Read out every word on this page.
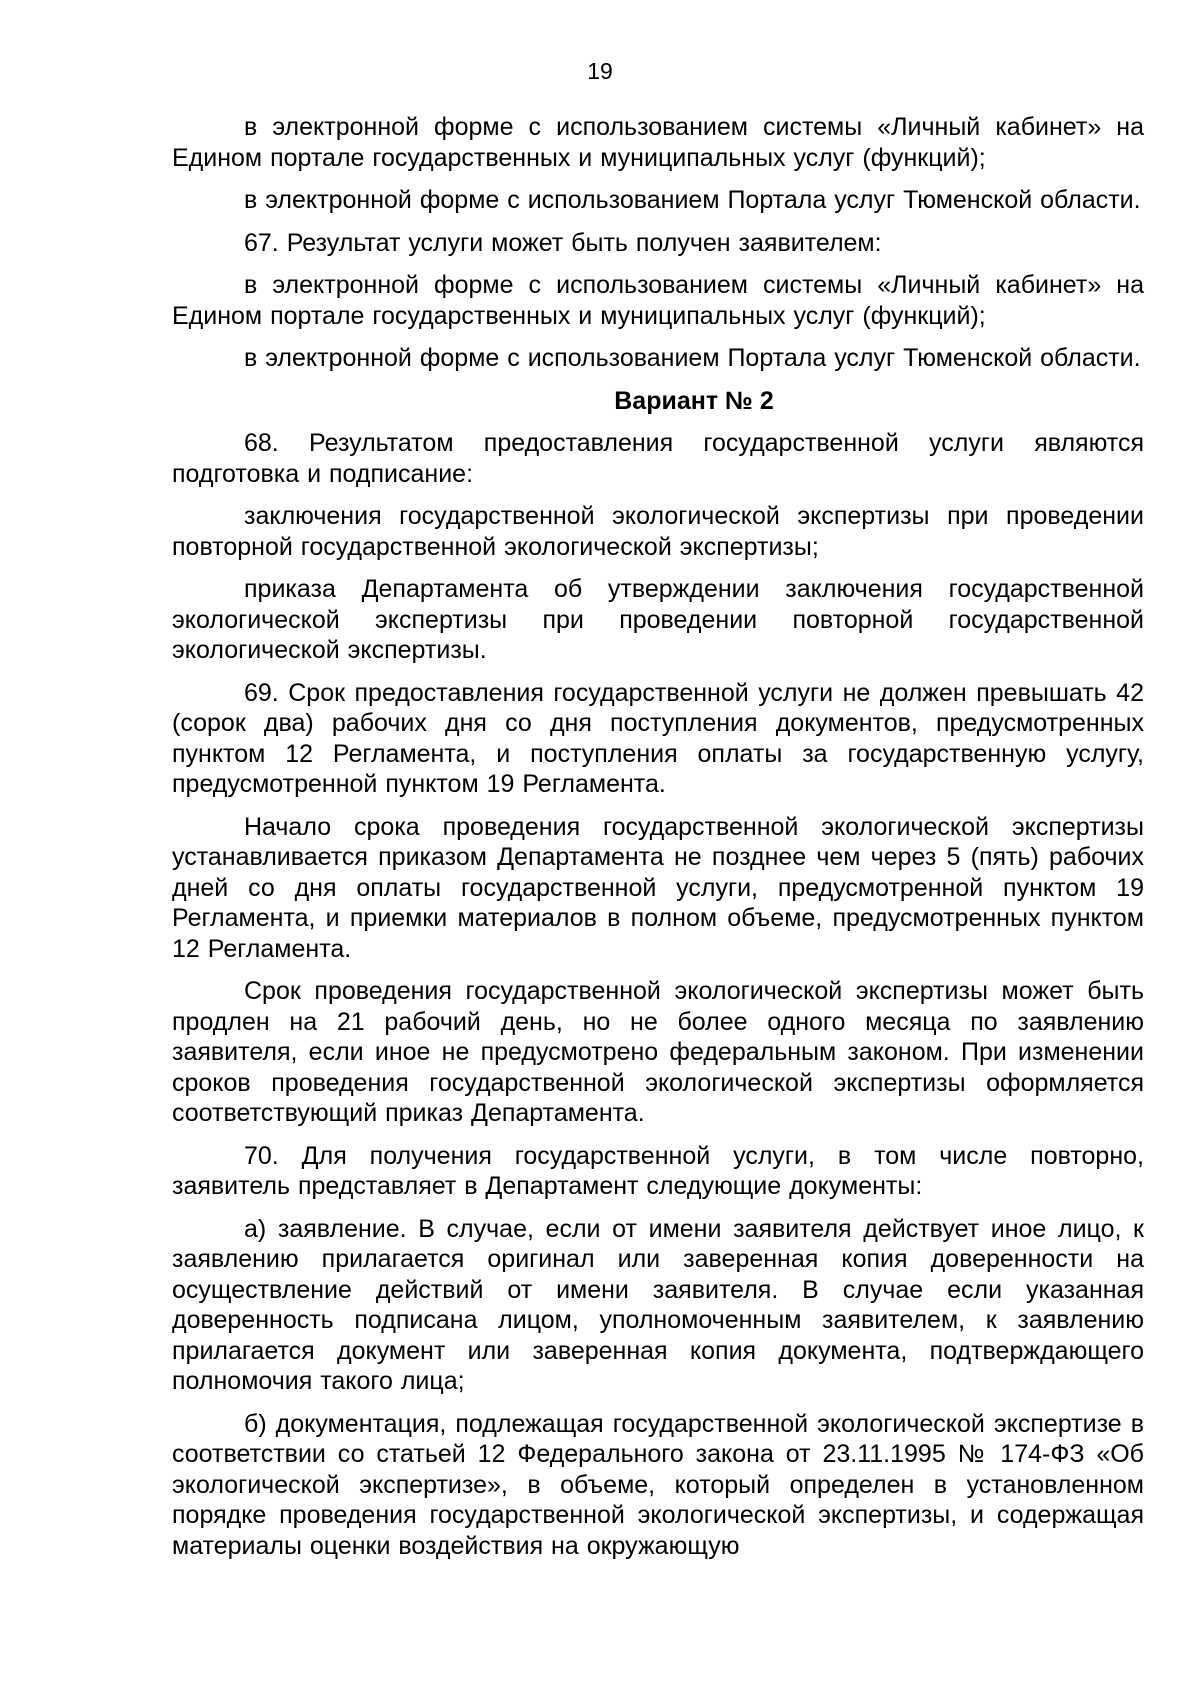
19

в электронной форме с использованием системы «Личный кабинет» на Едином портале государственных и муниципальных услуг (функций);

в электронной форме с использованием Портала услуг Тюменской области.

67. Результат услуги может быть получен заявителем:

в электронной форме с использованием системы «Личный кабинет» на Едином портале государственных и муниципальных услуг (функций);

в электронной форме с использованием Портала услуг Тюменской области.

Вариант № 2

68. Результатом предоставления государственной услуги являются подготовка и подписание:

заключения государственной экологической экспертизы при проведении повторной государственной экологической экспертизы;

приказа Департамента об утверждении заключения государственной экологической экспертизы при проведении повторной государственной экологической экспертизы.

69. Срок предоставления государственной услуги не должен превышать 42 (сорок два) рабочих дня со дня поступления документов, предусмотренных пунктом 12 Регламента, и поступления оплаты за государственную услугу, предусмотренной пунктом 19 Регламента.

Начало срока проведения государственной экологической экспертизы устанавливается приказом Департамента не позднее чем через 5 (пять) рабочих дней со дня оплаты государственной услуги, предусмотренной пунктом 19 Регламента, и приемки материалов в полном объеме, предусмотренных пунктом 12 Регламента.

Срок проведения государственной экологической экспертизы может быть продлен на 21 рабочий день, но не более одного месяца по заявлению заявителя, если иное не предусмотрено федеральным законом. При изменении сроков проведения государственной экологической экспертизы оформляется соответствующий приказ Департамента.

70. Для получения государственной услуги, в том числе повторно, заявитель представляет в Департамент следующие документы:

а) заявление. В случае, если от имени заявителя действует иное лицо, к заявлению прилагается оригинал или заверенная копия доверенности на осуществление действий от имени заявителя. В случае если указанная доверенность подписана лицом, уполномоченным заявителем, к заявлению прилагается документ или заверенная копия документа, подтверждающего полномочия такого лица;

б) документация, подлежащая государственной экологической экспертизе в соответствии со статьей 12 Федерального закона от 23.11.1995 № 174-ФЗ «Об экологической экспертизе», в объеме, который определен в установленном порядке проведения государственной экологической экспертизы, и содержащая материалы оценки воздействия на окружающую
